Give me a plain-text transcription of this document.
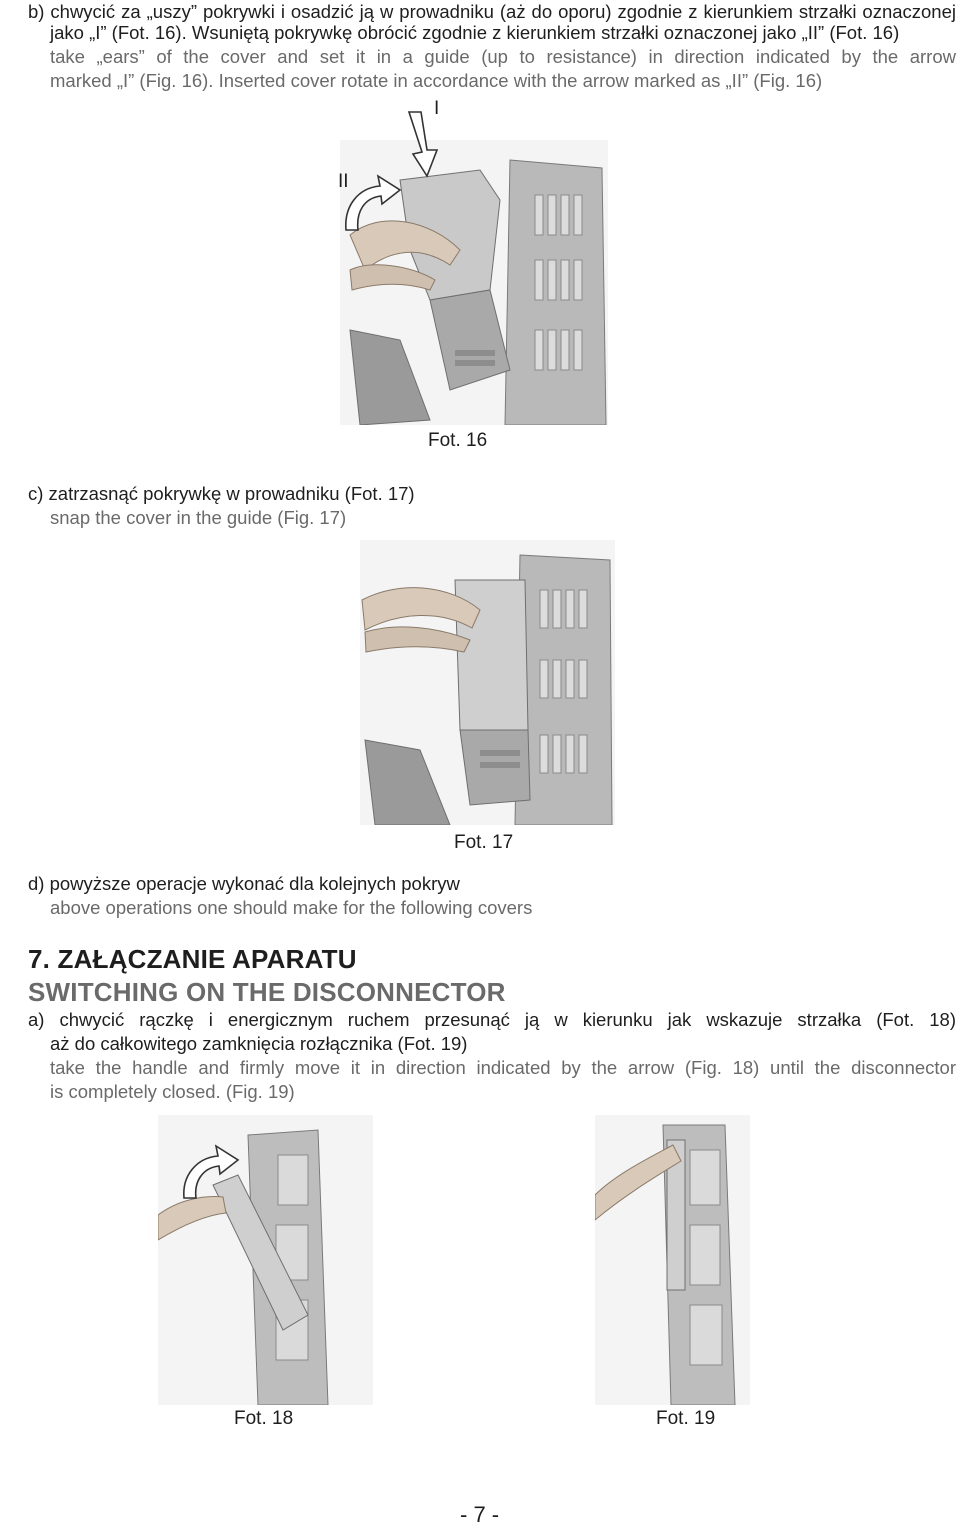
b) chwycić za „uszy” pokrywki i osadzić ją w prowadniku (aż do oporu) zgodnie z kierunkiem strzałki oznaczonej
jako „I” (Fot. 16). Wsuniętą pokrywkę obrócić zgodnie z kierunkiem strzałki oznaczonej jako „II” (Fot. 16)
take „ears” of the cover and set it in a guide (up to resistance) in direction indicated by the arrow
marked „I” (Fig. 16). Inserted cover rotate in accordance with the arrow marked as „II” (Fig. 16)
I
II
Fot. 16
c) zatrzasnąć pokrywkę w prowadniku (Fot. 17)
snap the cover in the guide (Fig. 17)
Fot. 17
d) powyższe operacje wykonać dla kolejnych pokryw
above operations one should make for the following covers
7. ZAŁĄCZANIE APARATU
SWITCHING ON THE DISCONNECTOR
a) chwycić rączkę i energicznym ruchem przesunąć ją w kierunku jak wskazuje strzałka (Fot. 18)
aż do całkowitego zamknięcia rozłącznika (Fot. 19)
take the handle and firmly move it in direction indicated by the arrow (Fig. 18) until the disconnector
is completely closed. (Fig. 19)
Fot. 18	Fot. 19
- 7 -
